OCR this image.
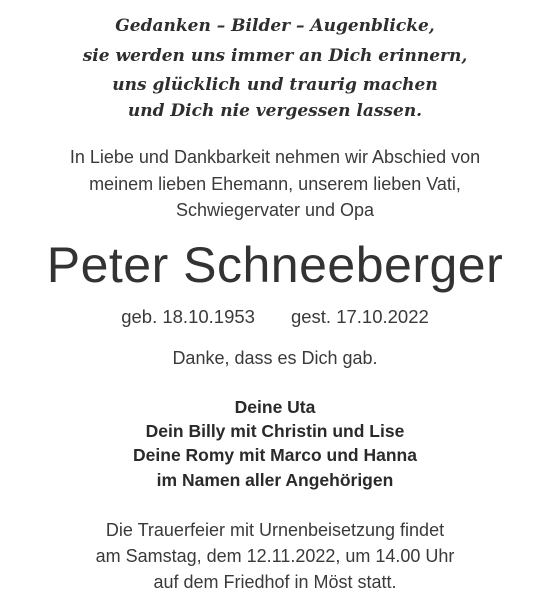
Gedanken – Bilder – Augenblicke,
sie werden uns immer an Dich erinnern,
uns glücklich und traurig machen
und Dich nie vergessen lassen.
In Liebe und Dankbarkeit nehmen wir Abschied von
meinem lieben Ehemann, unserem lieben Vati,
Schwiegervater und Opa
Peter Schneeberger
geb. 18.10.1953 gest. 17.10.2022
Danke, dass es Dich gab.
Deine Uta
Dein Billy mit Christin und Lise
Deine Romy mit Marco und Hanna
im Namen aller Angehörigen
Die Trauerfeier mit Urnenbeisetzung findet
am Samstag, dem 12.11.2022, um 14.00 Uhr
auf dem Friedhof in Möst statt.
